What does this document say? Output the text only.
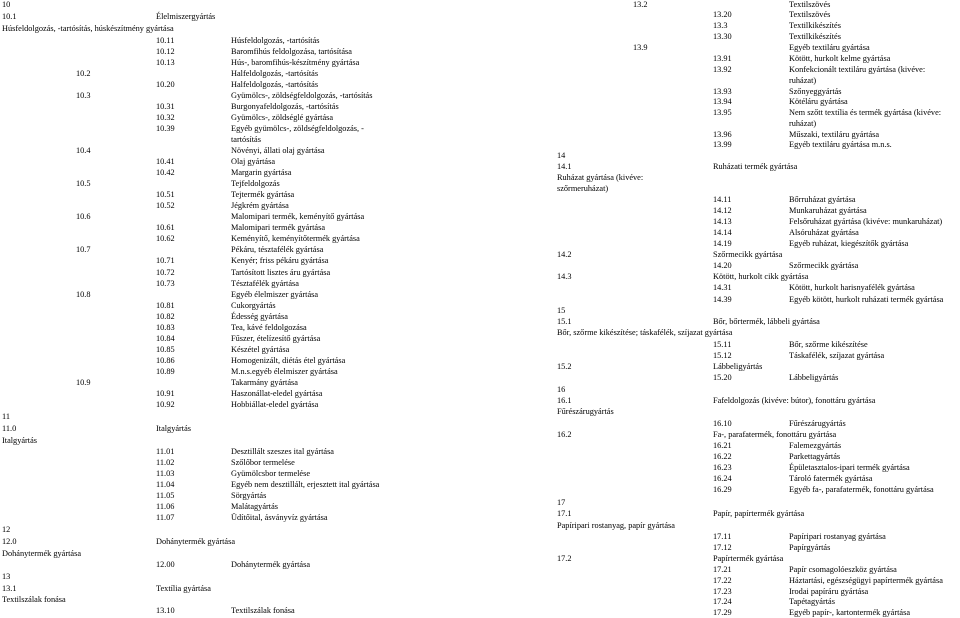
10
10.1	Élelmiszergyártás
Húsfeldolgozás, -tartósítás, húskészítmény gyártása
10.11	Húsfeldolgozás, -tartósítás
10.12	Baromfihús feldolgozása, tartósítása
10.13	Hús-, baromfihús-készítmény gyártása
10.2	Halfeldolgozás, -tartósítás
10.20	Halfeldolgozás, -tartósítás
10.3	Gyümölcs-, zöldségfeldolgozás, -tartósítás
10.31	Burgonyafeldolgozás, -tartósítás
10.32	Gyümölcs-, zöldséglé gyártása
10.39	Egyéb gyümölcs-, zöldségfeldolgozás, -
tartósítás
10.4	Növényi, állati olaj gyártása
10.41	Olaj gyártása
10.42	Margarin gyártása
10.5	Tejfeldolgozás
10.51	Tejtermék gyártása
10.52	Jégkrém gyártása
10.6	Malomipari termék, keményítő gyártása
10.61	Malomipari termék gyártása
10.62	Keményítő, keményítőtermék gyártása
10.7	Pékáru, tésztafélék gyártása
10.71	Kenyér; friss pékáru gyártása
10.72	Tartósított lisztes áru gyártása
10.73	Tésztafélék gyártása
10.8	Egyéb élelmiszer gyártása
10.81	Cukorgyártás
10.82	Édesség gyártása
10.83	Tea, kávé feldolgozása
10.84	Fűszer, ételízesítő gyártása
10.85	Készétel gyártása
10.86	Homogenizált, diétás étel gyártása
10.89	M.n.s.egyéb élelmiszer gyártása
10.9	Takarmány gyártása
10.91	Haszonállat-eledel gyártása
10.92	Hobbiállat-eledel gyártása
11
11.0	Italgyártás
Italgyártás
11.01	Desztillált szeszes ital gyártása
11.02	Szőlőbor termelése
11.03	Gyümölcsbor termelése
11.04	Egyéb nem desztillált, erjesztett ital gyártása
11.05	Sörgyártás
11.06	Malátagyártás
11.07	Üdítőital, ásványvíz gyártása
12
12.0	Dohánytermék gyártása
Dohánytermék gyártása
12.00	Dohánytermék gyártása
13
13.1	Textília gyártása
Textilszálak fonása
13.10	Textilszálak fonása
13.2	Textilszövés
13.20	Textilszövés
13.3	Textilkikészítés
13.30	Textilkikészítés
13.9	Egyéb textiláru gyártása
13.91	Kötött, hurkolt kelme gyártása
13.92	Konfekcionált textiláru gyártása (kivéve:
ruházat)
13.93	Szőnyeggyártás
13.94	Kötéláru gyártása
13.95	Nem szőtt textília és termék gyártása (kivéve:
ruházat)
13.96	Műszaki, textiláru gyártása
13.99	Egyéb textiláru gyártása m.n.s.
14
14.1	Ruházati termék gyártása
Ruházat gyártása (kivéve:
szőrmeruházat)
14.11	Bőrruházat gyártása
14.12	Munkaruházat gyártása
14.13	Felsőruházat gyártása (kivéve: munkaruházat)
14.14	Alsóruházat gyártása
14.19	Egyéb ruházat, kiegészítők gyártása
14.2	Szőrmecikk gyártása
14.20	Szőrmecikk gyártása
14.3	Kötött, hurkolt cikk gyártása
14.31	Kötött, hurkolt harisnyafélék gyártása
14.39	Egyéb kötött, hurkolt ruházati termék gyártása
15
15.1	Bőr, bőrtermék, lábbeli gyártása
Bőr, szőrme kikészítése; táskafélék, szíjazat gyártása
15.11	Bőr, szőrme kikészítése
15.12	Táskafélék, szíjazat gyártása
15.2	Lábbeligyártás
15.20	Lábbeligyártás
16
16.1	Fafeldolgozás (kivéve: bútor), fonottáru gyártása
Fűrészárugyártás
16.10	Fűrészárugyártás
16.2	Fa-, parafatermék, fonottáru gyártása
16.21	Falemezgyártás
16.22	Parkettagyártás
16.23	Épületasztalos-ipari termék gyártása
16.24	Tároló fatermék gyártása
16.29	Egyéb fa-, parafatermék, fonottáru gyártása
17
17.1	Papír, papírtermék gyártása
Papíripari rostanyag, papír gyártása
17.11	Papíripari rostanyag gyártása
17.12	Papírgyártás
17.2	Papírtermék gyártása
17.21	Papír csomagolóeszköz gyártása
17.22	Háztartási, egészségügyi papírtermék gyártása
17.23	Irodai papíráru gyártása
17.24	Tapétagyártás
17.29	Egyéb papír-, kartontermék gyártása
